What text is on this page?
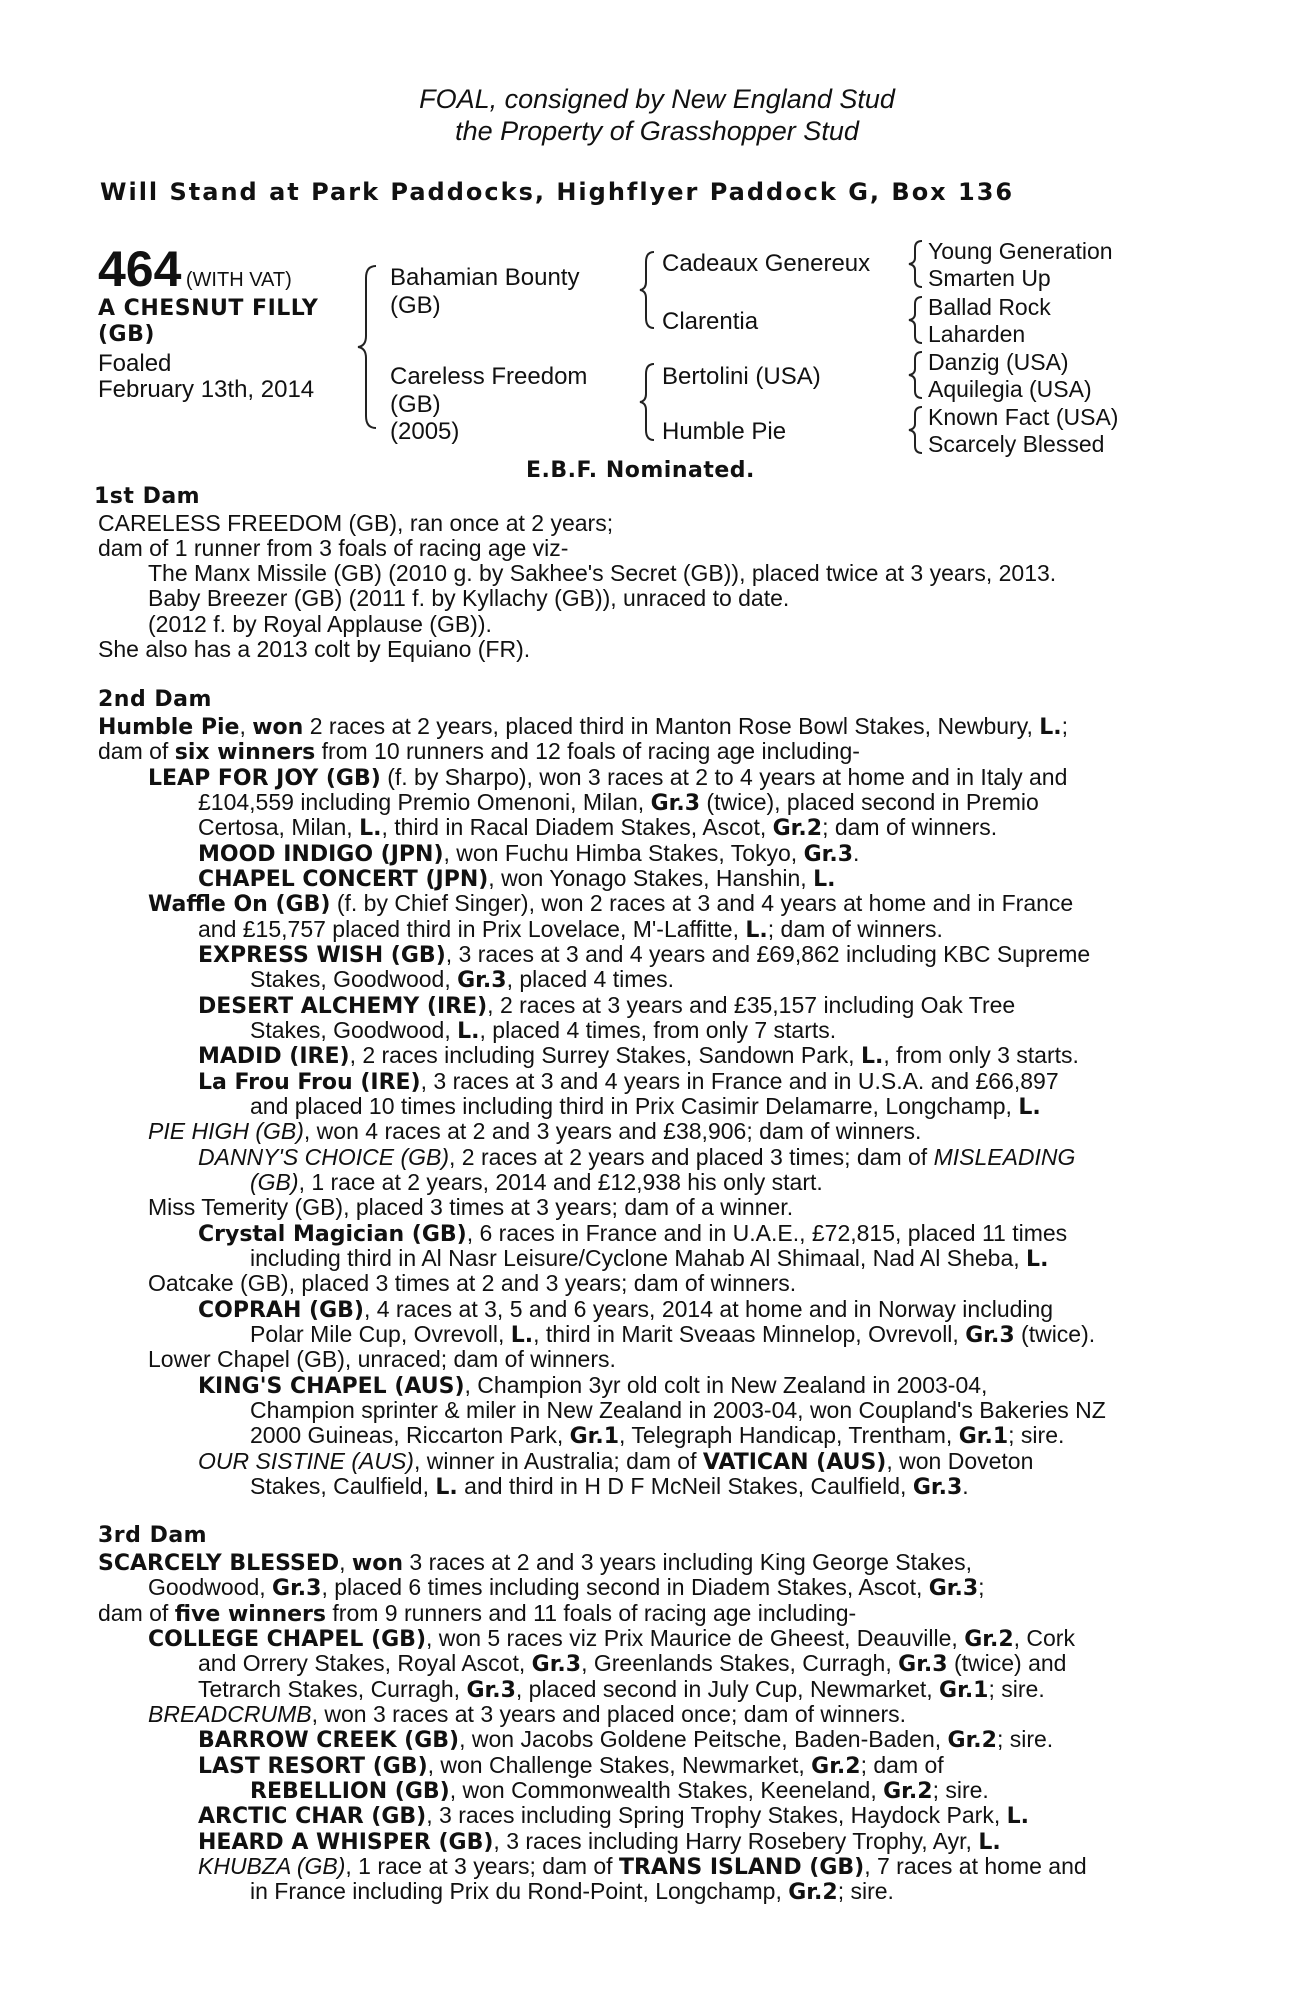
FOAL, consigned by New England Stud
the Property of Grasshopper Stud
Will Stand at Park Paddocks, Highflyer Paddock G, Box 136
464 (WITH VAT)
A CHESNUT FILLY
(GB)
Foaled
February 13th, 2014
Bahamian Bounty
(GB)
Careless Freedom
(GB)
(2005)
Cadeaux Genereux
Clarentia
Bertolini (USA)
Humble Pie
Young Generation
Smarten Up
Ballad Rock
Laharden
Danzig (USA)
Aquilegia (USA)
Known Fact (USA)
Scarcely Blessed
E.B.F. Nominated.
1st Dam
CARELESS FREEDOM (GB), ran once at 2 years;
dam of 1 runner from 3 foals of racing age viz-
The Manx Missile (GB) (2010 g. by Sakhee's Secret (GB)), placed twice at 3 years, 2013.
Baby Breezer (GB) (2011 f. by Kyllachy (GB)), unraced to date.
(2012 f. by Royal Applause (GB)).
She also has a 2013 colt by Equiano (FR).
2nd Dam
Humble Pie, won 2 races at 2 years, placed third in Manton Rose Bowl Stakes, Newbury, L.;
dam of six winners from 10 runners and 12 foals of racing age including-
LEAP FOR JOY (GB) (f. by Sharpo), won 3 races at 2 to 4 years at home and in Italy and
£104,559 including Premio Omenoni, Milan, Gr.3 (twice), placed second in Premio
Certosa, Milan, L., third in Racal Diadem Stakes, Ascot, Gr.2; dam of winners.
MOOD INDIGO (JPN), won Fuchu Himba Stakes, Tokyo, Gr.3.
CHAPEL CONCERT (JPN), won Yonago Stakes, Hanshin, L.
Waffle On (GB) (f. by Chief Singer), won 2 races at 3 and 4 years at home and in France
and £15,757 placed third in Prix Lovelace, M'-Laffitte, L.; dam of winners.
EXPRESS WISH (GB), 3 races at 3 and 4 years and £69,862 including KBC Supreme
Stakes, Goodwood, Gr.3, placed 4 times.
DESERT ALCHEMY (IRE), 2 races at 3 years and £35,157 including Oak Tree
Stakes, Goodwood, L., placed 4 times, from only 7 starts.
MADID (IRE), 2 races including Surrey Stakes, Sandown Park, L., from only 3 starts.
La Frou Frou (IRE), 3 races at 3 and 4 years in France and in U.S.A. and £66,897
and placed 10 times including third in Prix Casimir Delamarre, Longchamp, L.
PIE HIGH (GB), won 4 races at 2 and 3 years and £38,906; dam of winners.
DANNY'S CHOICE (GB), 2 races at 2 years and placed 3 times; dam of MISLEADING
(GB), 1 race at 2 years, 2014 and £12,938 his only start.
Miss Temerity (GB), placed 3 times at 3 years; dam of a winner.
Crystal Magician (GB), 6 races in France and in U.A.E., £72,815, placed 11 times
including third in Al Nasr Leisure/Cyclone Mahab Al Shimaal, Nad Al Sheba, L.
Oatcake (GB), placed 3 times at 2 and 3 years; dam of winners.
COPRAH (GB), 4 races at 3, 5 and 6 years, 2014 at home and in Norway including
Polar Mile Cup, Ovrevoll, L., third in Marit Sveaas Minnelop, Ovrevoll, Gr.3 (twice).
Lower Chapel (GB), unraced; dam of winners.
KING'S CHAPEL (AUS), Champion 3yr old colt in New Zealand in 2003-04,
Champion sprinter & miler in New Zealand in 2003-04, won Coupland's Bakeries NZ
2000 Guineas, Riccarton Park, Gr.1, Telegraph Handicap, Trentham, Gr.1; sire.
OUR SISTINE (AUS), winner in Australia; dam of VATICAN (AUS), won Doveton
Stakes, Caulfield, L. and third in H D F McNeil Stakes, Caulfield, Gr.3.
3rd Dam
SCARCELY BLESSED, won 3 races at 2 and 3 years including King George Stakes,
Goodwood, Gr.3, placed 6 times including second in Diadem Stakes, Ascot, Gr.3;
dam of five winners from 9 runners and 11 foals of racing age including-
COLLEGE CHAPEL (GB), won 5 races viz Prix Maurice de Gheest, Deauville, Gr.2, Cork
and Orrery Stakes, Royal Ascot, Gr.3, Greenlands Stakes, Curragh, Gr.3 (twice) and
Tetrarch Stakes, Curragh, Gr.3, placed second in July Cup, Newmarket, Gr.1; sire.
BREADCRUMB, won 3 races at 3 years and placed once; dam of winners.
BARROW CREEK (GB), won Jacobs Goldene Peitsche, Baden-Baden, Gr.2; sire.
LAST RESORT (GB), won Challenge Stakes, Newmarket, Gr.2; dam of
REBELLION (GB), won Commonwealth Stakes, Keeneland, Gr.2; sire.
ARCTIC CHAR (GB), 3 races including Spring Trophy Stakes, Haydock Park, L.
HEARD A WHISPER (GB), 3 races including Harry Rosebery Trophy, Ayr, L.
KHUBZA (GB), 1 race at 3 years; dam of TRANS ISLAND (GB), 7 races at home and
in France including Prix du Rond-Point, Longchamp, Gr.2; sire.
